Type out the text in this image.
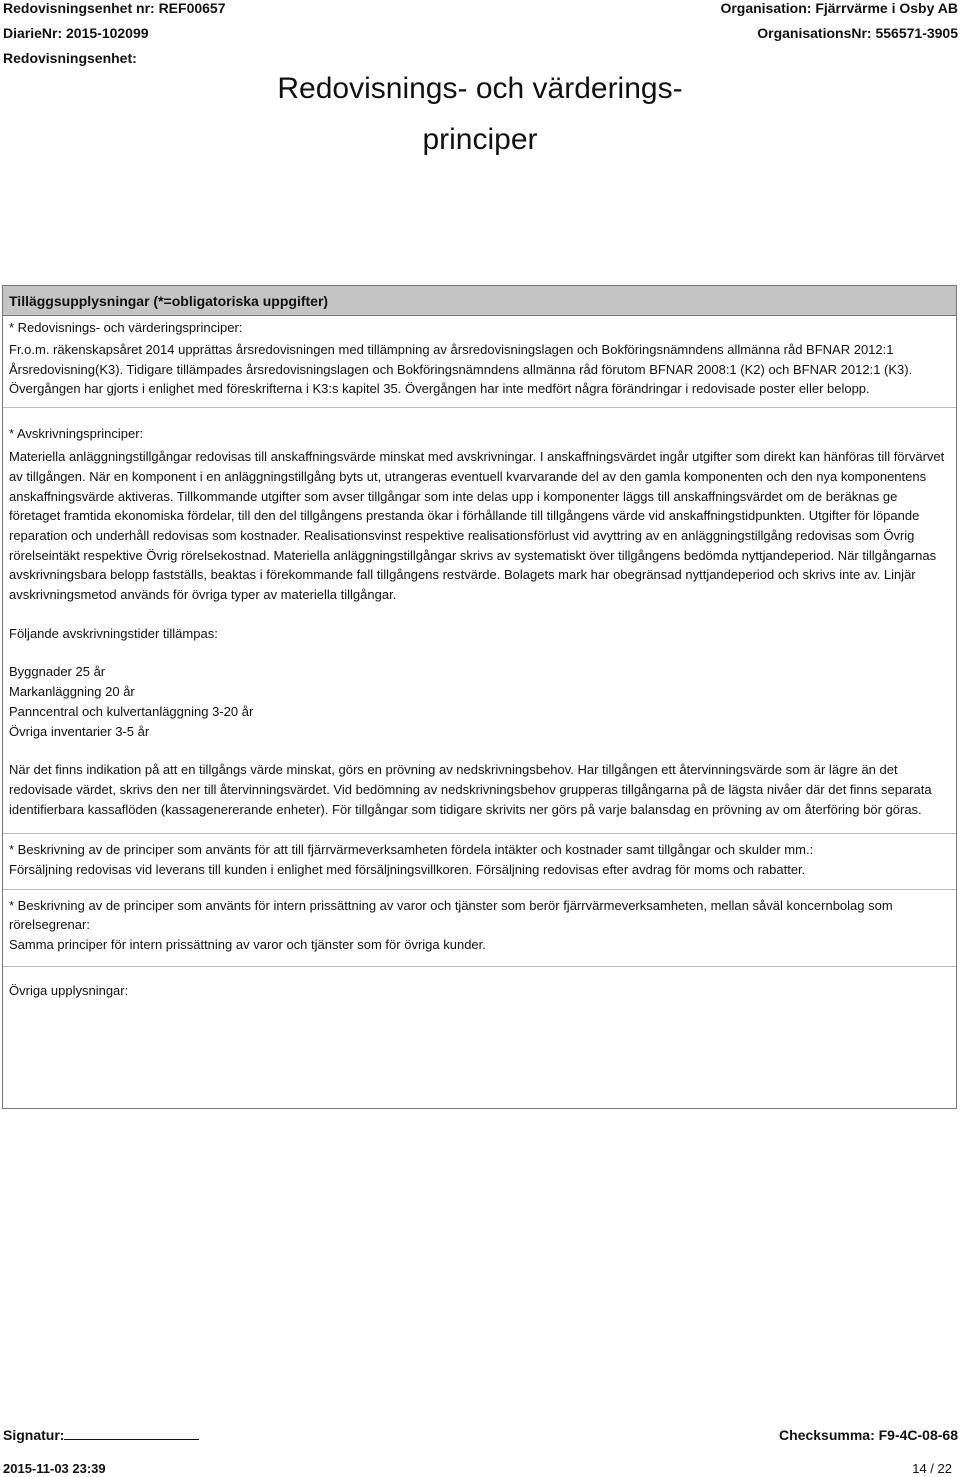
Redovisningsenhet nr: REF00657
DiarieNr: 2015-102099
Redovisningsenhet:
Organisation: Fjärrvärme i Osby AB
OrganisationsNr: 556571-3905
Redovisnings- och värderings-
principer
Tilläggsupplysningar (*=obligatoriska uppgifter)
* Redovisnings- och värderingsprinciper:
Fr.o.m. räkenskapsåret 2014 upprättas årsredovisningen med tillämpning av årsredovisningslagen och Bokföringsnämndens allmänna råd BFNAR 2012:1 Årsredovisning(K3). Tidigare tillämpades årsredovisningslagen och Bokföringsnämndens allmänna råd förutom BFNAR 2008:1 (K2) och BFNAR 2012:1 (K3). Övergången har gjorts i enlighet med föreskrifterna i K3:s kapitel 35. Övergången har inte medfört några förändringar i redovisade poster eller belopp.
* Avskrivningsprinciper:
Materiella anläggningstillgångar redovisas till anskaffningsvärde minskat med avskrivningar. I anskaffningsvärdet ingår utgifter som direkt kan hänföras till förvärvet av tillgången. När en komponent i en anläggningstillgång byts ut, utrangeras eventuell kvarvarande del av den gamla komponenten och den nya komponentens anskaffningsvärde aktiveras. Tillkommande utgifter som avser tillgångar som inte delas upp i komponenter läggs till anskaffningsvärdet om de beräknas ge företaget framtida ekonomiska fördelar, till den del tillgångens prestanda ökar i förhållande till tillgångens värde vid anskaffningstidpunkten. Utgifter för löpande reparation och underhåll redovisas som kostnader. Realisationsvinst respektive realisationsförlust vid avyttring av en anläggningstillgång redovisas som Övrig rörelseintäkt respektive Övrig rörelsekostnad. Materiella anläggningstillgångar skrivs av systematiskt över tillgångens bedömda nyttjandeperiod. När tillgångarnas avskrivningsbara belopp fastställs, beaktas i förekommande fall tillgångens restvärde. Bolagets mark har obegränsad nyttjandeperiod och skrivs inte av. Linjär avskrivningsmetod används för övriga typer av materiella tillgångar.
Följande avskrivningstider tillämpas:
Byggnader 25 år
Markanläggning 20 år
Panncentral och kulvertanläggning 3-20 år
Övriga inventarier 3-5 år
När det finns indikation på att en tillgångs värde minskat, görs en prövning av nedskrivningsbehov. Har tillgången ett återvinningsvärde som är lägre än det redovisade värdet, skrivs den ner till återvinningsvärdet. Vid bedömning av nedskrivningsbehov grupperas tillgångarna på de lägsta nivåer där det finns separata identifierbara kassaflöden (kassagenererande enheter). För tillgångar som tidigare skrivits ner görs på varje balansdag en prövning av om återföring bör göras.
* Beskrivning av de principer som använts för att till fjärrvärmeverksamheten fördela intäkter och kostnader samt tillgångar och skulder mm.:
Försäljning redovisas vid leverans till kunden i enlighet med försäljningsvillkoren. Försäljning redovisas efter avdrag för moms och rabatter.
* Beskrivning av de principer som använts för intern prissättning av varor och tjänster som berör fjärrvärmeverksamheten, mellan såväl koncernbolag som rörelsegrenar:
Samma principer för intern prissättning av varor och tjänster som för övriga kunder.
Övriga upplysningar:
Signatur:	Checksumma: F9-4C-08-68
2015-11-03 23:39	14 / 22
